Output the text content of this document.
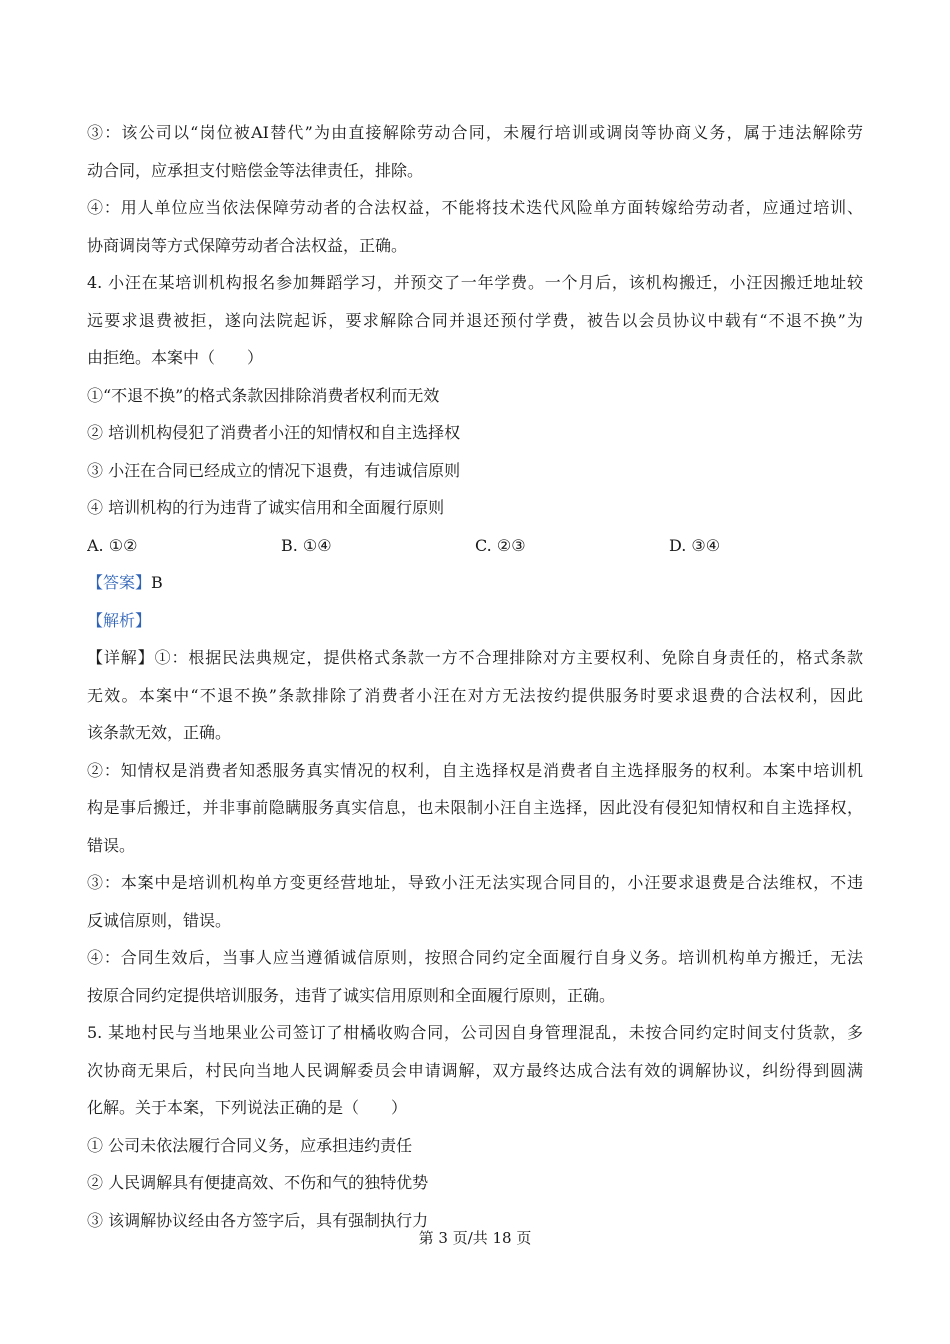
③：该公司以“岗位被AI替代”为由直接解除劳动合同，未履行培训或调岗等协商义务，属于违法解除劳
动合同，应承担支付赔偿金等法律责任，排除。
④：用人单位应当依法保障劳动者的合法权益，不能将技术迭代风险单方面转嫁给劳动者，应通过培训、
协商调岗等方式保障劳动者合法权益，正确。
4. 小汪在某培训机构报名参加舞蹈学习，并预交了一年学费。一个月后，该机构搬迁，小汪因搬迁地址较
远要求退费被拒，遂向法院起诉，要求解除合同并退还预付学费，被告以会员协议中载有“不退不换”为
由拒绝。本案中（　　）
①“不退不换”的格式条款因排除消费者权利而无效
② 培训机构侵犯了消费者小汪的知情权和自主选择权
③ 小汪在合同已经成立的情况下退费，有违诚信原则
④ 培训机构的行为违背了诚实信用和全面履行原则
A. ①②	B. ①④	C. ②③	D. ③④
【答案】B
【解析】
【详解】①：根据民法典规定，提供格式条款一方不合理排除对方主要权利、免除自身责任的，格式条款
无效。本案中“不退不换”条款排除了消费者小汪在对方无法按约提供服务时要求退费的合法权利，因此
该条款无效，正确。
②：知情权是消费者知悉服务真实情况的权利，自主选择权是消费者自主选择服务的权利。本案中培训机
构是事后搬迁，并非事前隐瞒服务真实信息，也未限制小汪自主选择，因此没有侵犯知情权和自主选择权，
错误。
③：本案中是培训机构单方变更经营地址，导致小汪无法实现合同目的，小汪要求退费是合法维权，不违
反诚信原则，错误。
④：合同生效后，当事人应当遵循诚信原则，按照合同约定全面履行自身义务。培训机构单方搬迁，无法
按原合同约定提供培训服务，违背了诚实信用原则和全面履行原则，正确。
5. 某地村民与当地果业公司签订了柑橘收购合同，公司因自身管理混乱，未按合同约定时间支付货款，多
次协商无果后，村民向当地人民调解委员会申请调解，双方最终达成合法有效的调解协议，纠纷得到圆满
化解。关于本案，下列说法正确的是（　　）
① 公司未依法履行合同义务，应承担违约责任
② 人民调解具有便捷高效、不伤和气的独特优势
③ 该调解协议经由各方签字后，具有强制执行力
第 3 页/共 18 页
